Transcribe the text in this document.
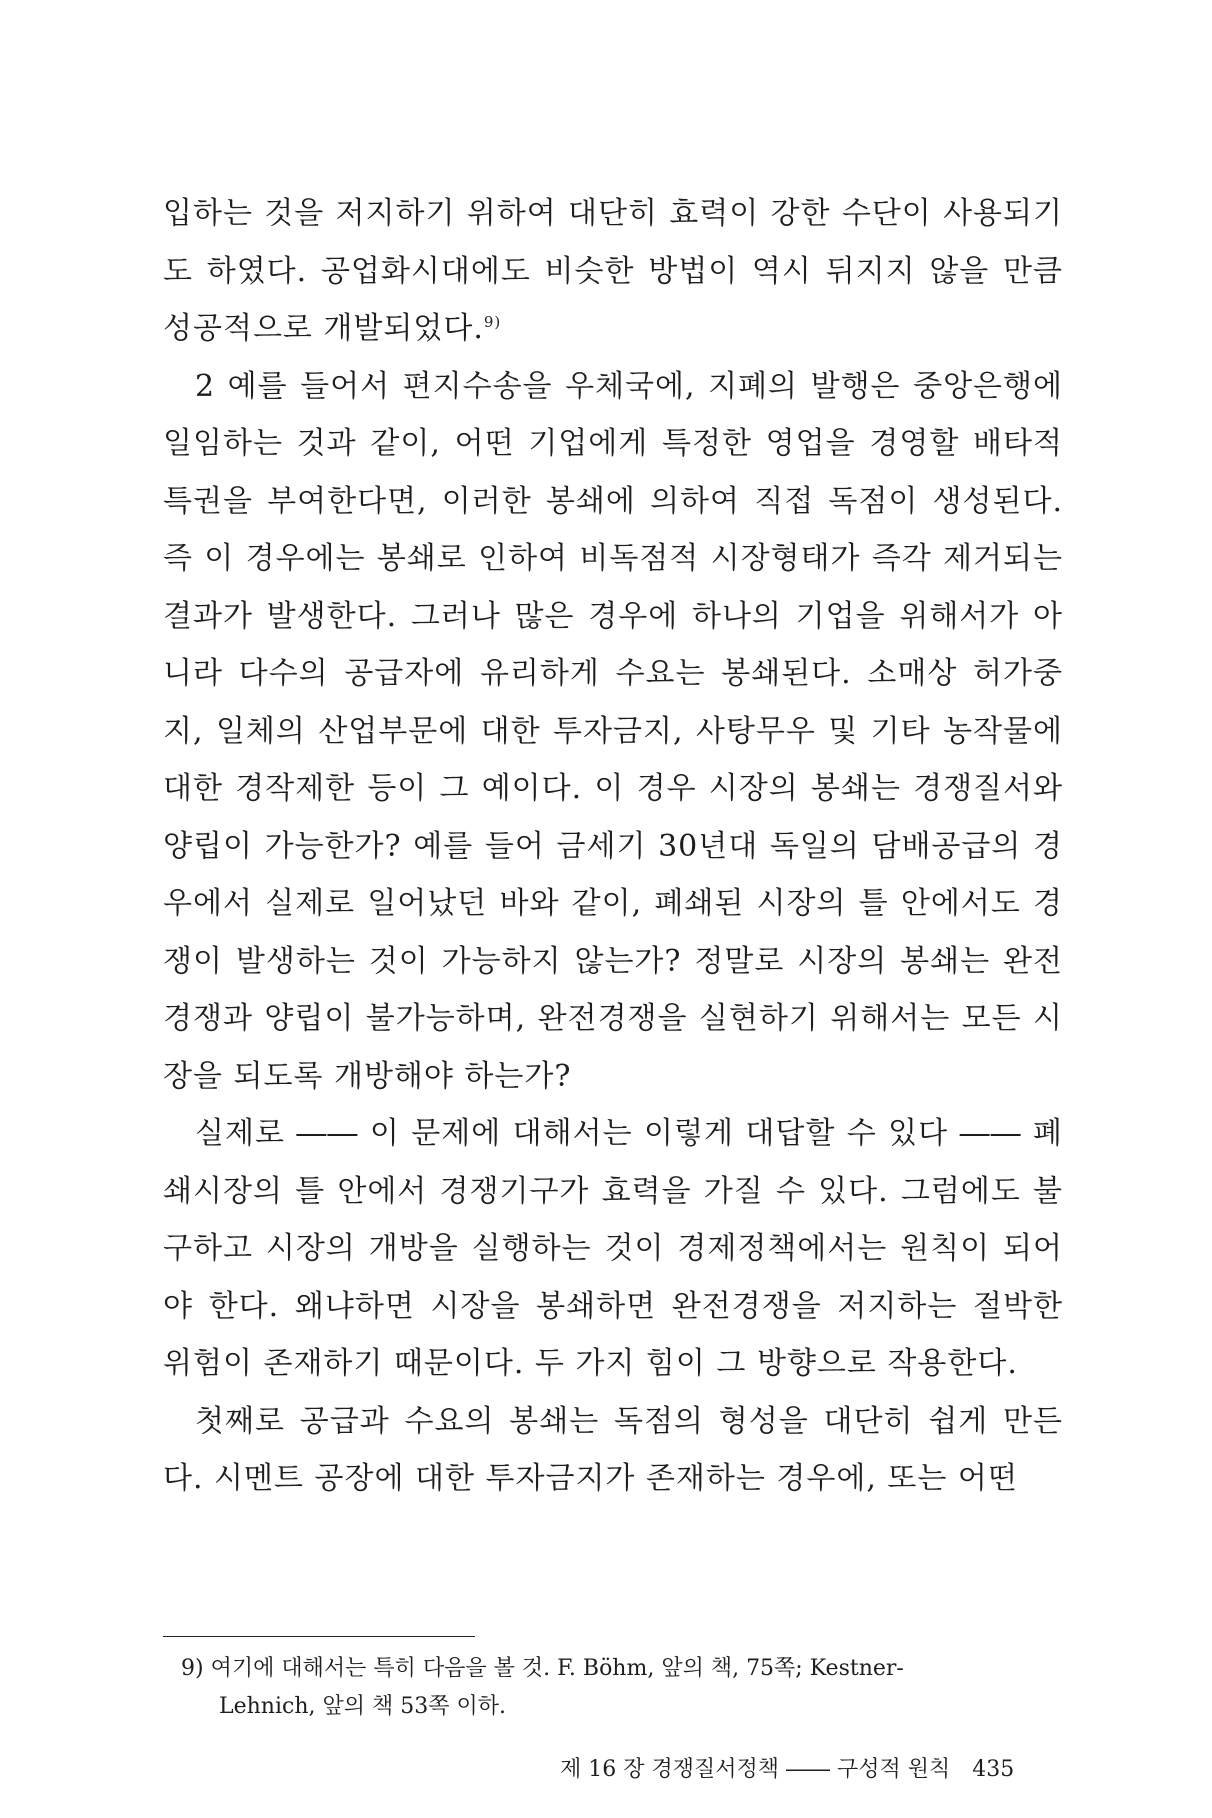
입하는 것을 저지하기 위하여 대단히 효력이 강한 수단이 사용되기도 하였다. 공업화시대에도 비슷한 방법이 역시 뒤지지 않을 만큼 성공적으로 개발되었다.$^{9)}$

2 예를 들어서 편지수송을 우체국에, 지폐의 발행은 중앙은행에 일임하는 것과 같이, 어떤 기업에게 특정한 영업을 경영할 배타적 특권을 부여한다면, 이러한 봉쇄에 의하여 직접 독점이 생성된다. 즉 이 경우에는 봉쇄로 인하여 비독점적 시장형태가 즉각 제거되는 결과가 발생한다. 그러나 많은 경우에 하나의 기업을 위해서가 아니라 다수의 공급자에 유리하게 수요는 봉쇄된다. 소매상 허가중지, 일체의 산업부문에 대한 투자금지, 사탕무우 및 기타 농작물에 대한 경작제한 등이 그 예이다. 이 경우 시장의 봉쇄는 경쟁질서와 양립이 가능한가? 예를 들어 금세기 30년대 독일의 담배공급의 경우에서 실제로 일어났던 바와 같이, 폐쇄된 시장의 틀 안에서도 경쟁이 발생하는 것이 가능하지 않는가? 정말로 시장의 봉쇄는 완전경쟁과 양립이 불가능하며, 완전경쟁을 실현하기 위해서는 모든 시장을 되도록 개방해야 하는가?

실제로 ―― 이 문제에 대해서는 이렇게 대답할 수 있다 ―― 폐쇄시장의 틀 안에서 경쟁기구가 효력을 가질 수 있다. 그럼에도 불구하고 시장의 개방을 실행하는 것이 경제정책에서는 원칙이 되어야 한다. 왜냐하면 시장을 봉쇄하면 완전경쟁을 저지하는 절박한 위험이 존재하기 때문이다. 두 가지 힘이 그 방향으로 작용한다.

첫째로 공급과 수요의 봉쇄는 독점의 형성을 대단히 쉽게 만든다. 시멘트 공장에 대한 투자금지가 존재하는 경우에, 또는 어떤

9) 여기에 대해서는 특히 다음을 볼 것. F. Böhm, 앞의 책, 75쪽; Kestner-
Lehnich, 앞의 책 53쪽 이하.
제 16 장 경쟁질서정책 ―― 구성적 원칙 435
